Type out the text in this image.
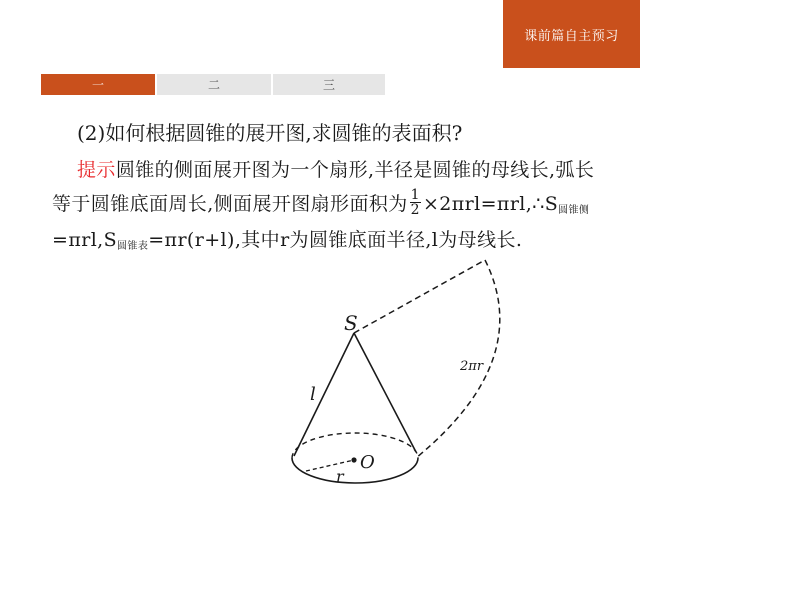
课前篇自主预习
一	二	三
(2)如何根据圆锥的展开图,求圆锥的表面积?
提示圆锥的侧面展开图为一个扇形,半径是圆锥的母线长,弧长
等于圆锥底面周长,侧面展开图扇形面积为 $\frac{1}{2}$ $\times 2\pi rl=\pi rl,\therefore S_{圆锥侧}$
$=\pi rl,S_{圆锥表}=\pi r(r+l)$,其中r为圆锥底面半径,l为母线长.
S
l
O
r
2πr
